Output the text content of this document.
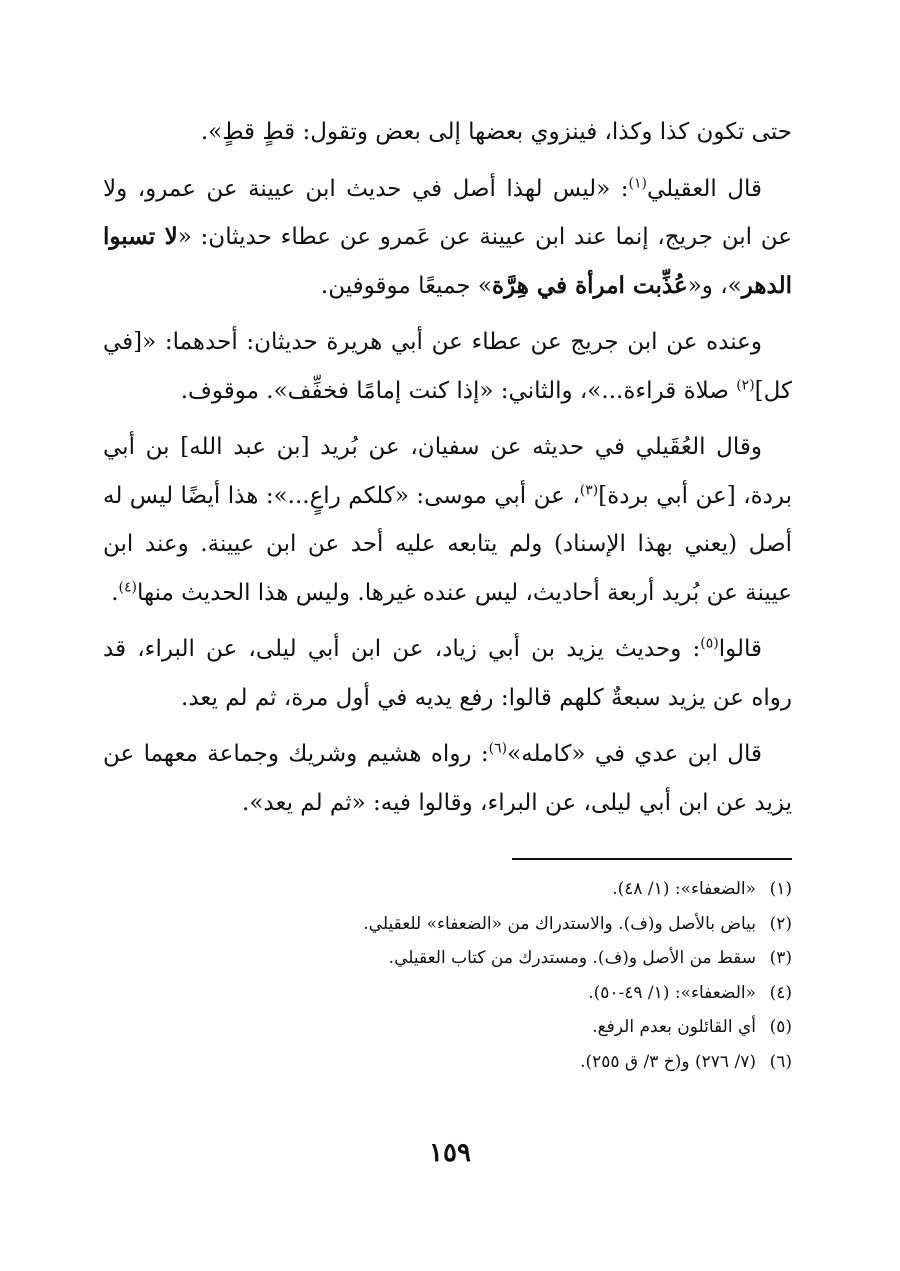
حتى تكون كذا وكذا، فينزوي بعضها إلى بعض وتقول: قطٍ قطٍ».

قال العقيلي$^{(١)}$: «ليس لهذا أصل في حديث ابن عيينة عن عمرو، ولا عن ابن جريج، إنما عند ابن عيينة عن عَمرو عن عطاء حديثان: «لا تسبوا الدهر»، و«عُذِّبت امرأة في هِرَّة» جميعًا موقوفين.

وعنده عن ابن جريج عن عطاء عن أبي هريرة حديثان: أحدهما: «[في كل]$^{(٢)}$ صلاة قراءة...»، والثاني: «إذا كنت إمامًا فخفِّف». موقوف.

وقال العُقَيلي في حديثه عن سفيان، عن بُريد [بن عبد الله] بن أبي بردة، [عن أبي بردة]$^{(٣)}$، عن أبي موسى: «كلكم راعٍ...»: هذا أيضًا ليس له أصل (يعني بهذا الإسناد) ولم يتابعه عليه أحد عن ابن عيينة. وعند ابن عيينة عن بُريد أربعة أحاديث، ليس عنده غيرها. وليس هذا الحديث منها$^{(٤)}$.

قالوا$^{(٥)}$: وحديث يزيد بن أبي زياد، عن ابن أبي ليلى، عن البراء، قد رواه عن يزيد سبعةٌ كلهم قالوا: رفع يديه في أول مرة، ثم لم يعد.

قال ابن عدي في «كامله»$^{(٦)}$: رواه هشيم وشريك وجماعة معهما عن يزيد عن ابن أبي ليلى، عن البراء، وقالوا فيه: «ثم لم يعد».

(١)«الضعفاء»: (١/ ٤٨).
(٢)بياض بالأصل و(ف). والاستدراك من «الضعفاء» للعقيلي.
(٣)سقط من الأصل و(ف). ومستدرك من كتاب العقيلي.
(٤)«الضعفاء»: (١/ ٤٩-٥٠).
(٥)أي القائلون بعدم الرفع.
(٦)(٧/ ٢٧٦) و(خ ٣/ ق ٢٥٥).
١٥٩
